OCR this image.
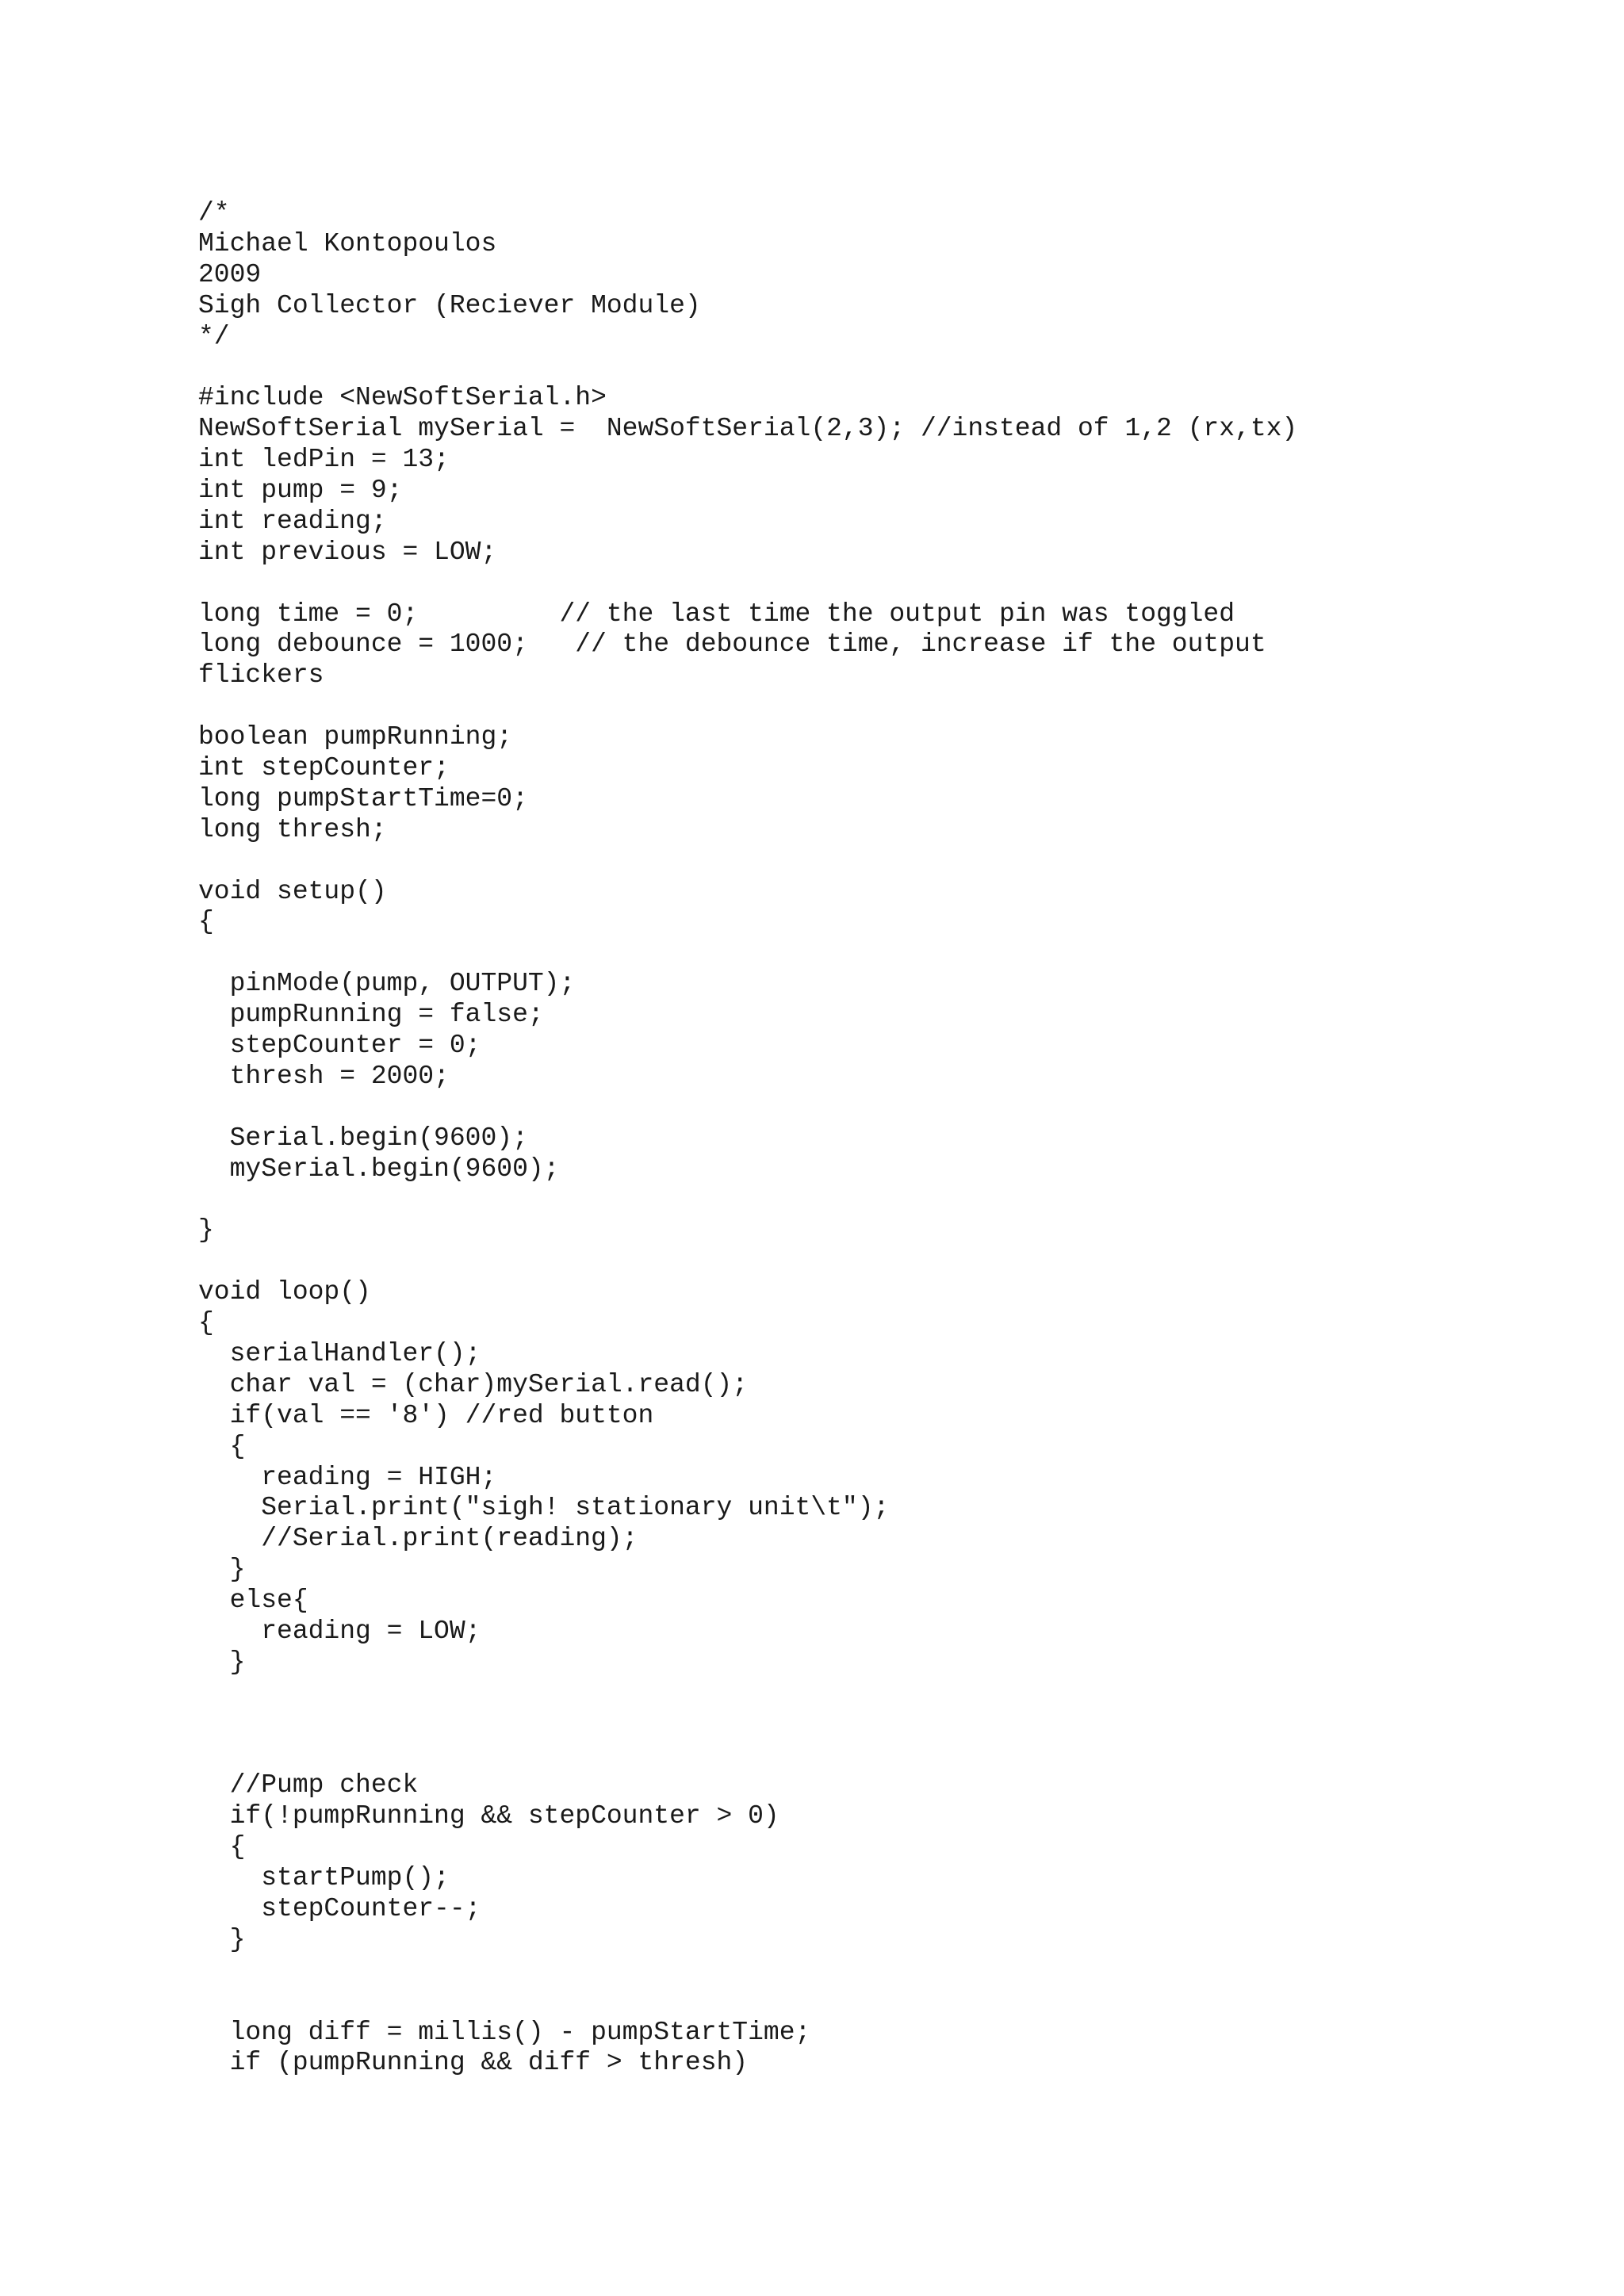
/*
Michael Kontopoulos
2009
Sigh Collector (Reciever Module)
*/
#include <NewSoftSerial.h>
NewSoftSerial mySerial =  NewSoftSerial(2,3); //instead of 1,2 (rx,tx)
int ledPin = 13;
int pump = 9;
int reading;
int previous = LOW;
long time = 0;         // the last time the output pin was toggled
long debounce = 1000;   // the debounce time, increase if the output
flickers
boolean pumpRunning;
int stepCounter;
long pumpStartTime=0;
long thresh;
void setup()
{
pinMode(pump, OUTPUT);
pumpRunning = false;
stepCounter = 0;
thresh = 2000;
Serial.begin(9600);
mySerial.begin(9600);
}
void loop()
{
serialHandler();
char val = (char)mySerial.read();
if(val == '8') //red button
{
reading = HIGH;
Serial.print("sigh! stationary unit\t");
//Serial.print(reading);
}
else{
reading = LOW;
}
//Pump check
if(!pumpRunning && stepCounter > 0)
{
startPump();
stepCounter--;
}
long diff = millis() - pumpStartTime;
if (pumpRunning && diff > thresh)
